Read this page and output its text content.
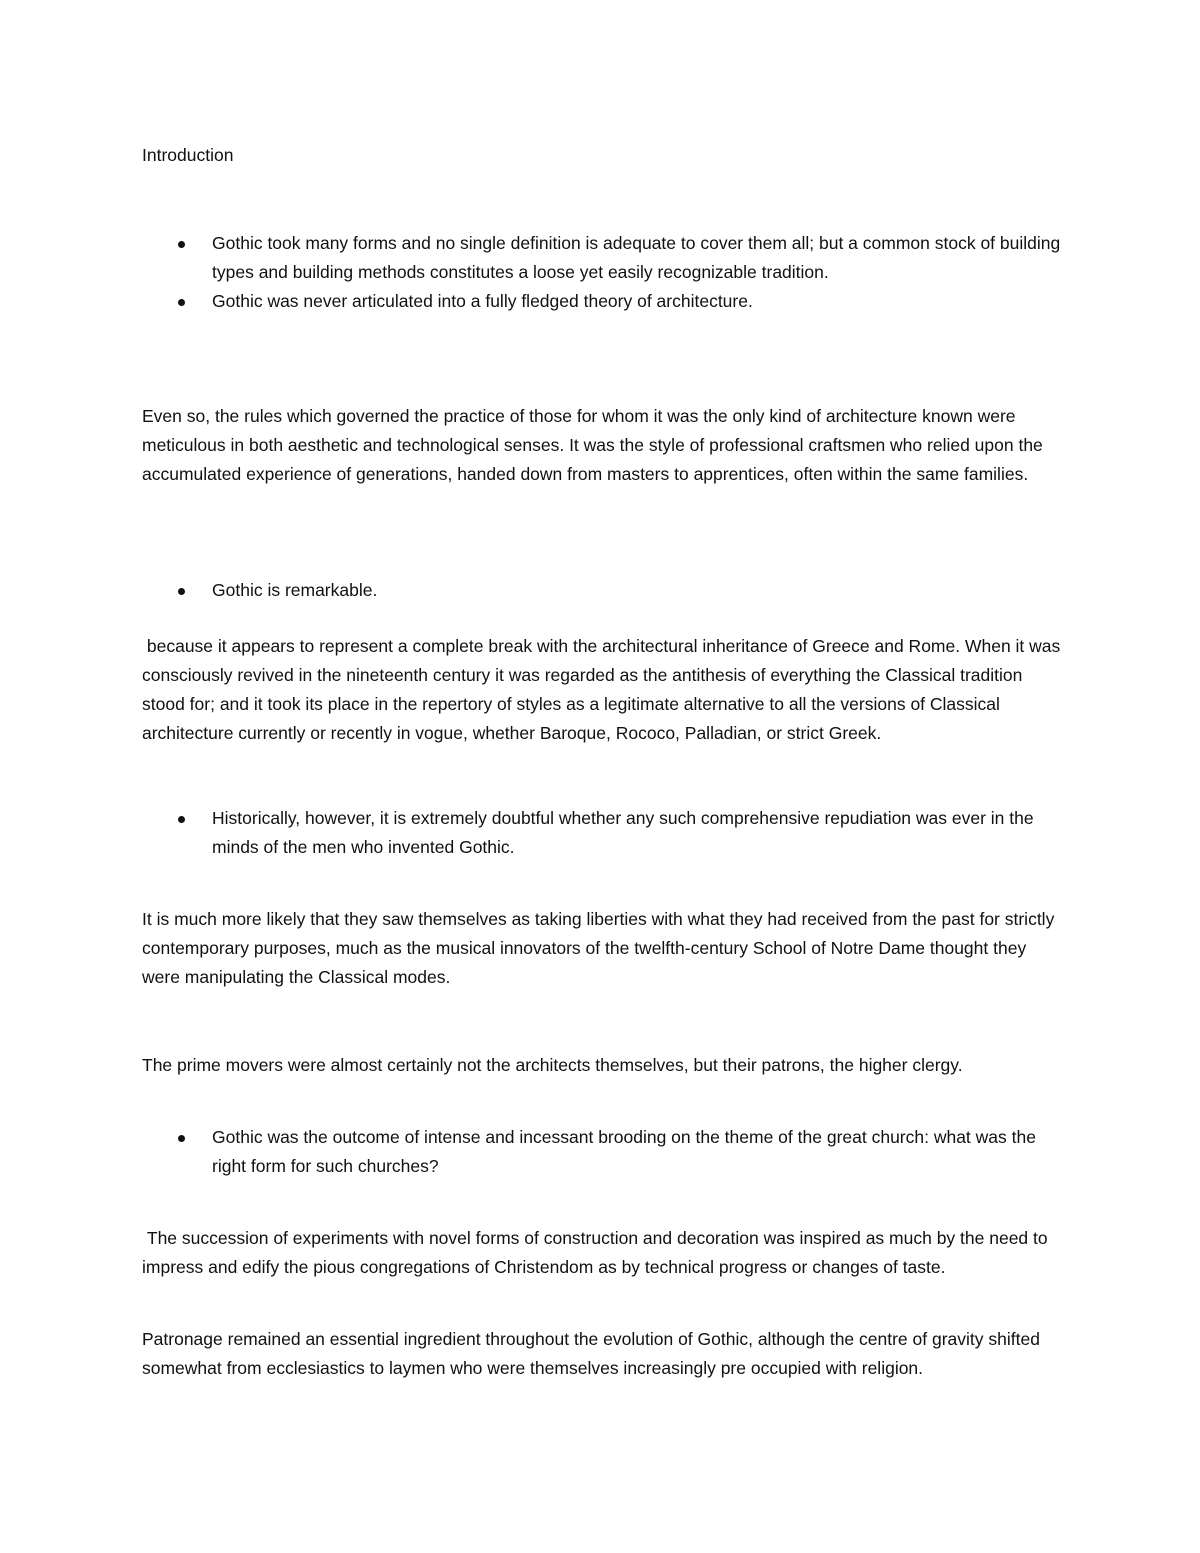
Introduction

Gothic took many forms and no single definition is adequate to cover them all; but a common stock of building types and building methods constitutes a loose yet easily recognizable tradition.
Gothic was never articulated into a fully fledged theory of architecture.

Even so, the rules which governed the practice of those for whom it was the only kind of architecture known were meticulous in both aesthetic and technological senses. It was the style of professional craftsmen who relied upon the accumulated experience of generations, handed down from masters to apprentices, often within the same families.

Gothic is remarkable.

because it appears to represent a complete break with the architectural inheritance of Greece and Rome. When it was consciously revived in the nineteenth century it was regarded as the antithesis of everything the Classical tradition stood for; and it took its place in the repertory of styles as a legitimate alternative to all the versions of Classical architecture currently or recently in vogue, whether Baroque, Rococo, Palladian, or strict Greek.

Historically, however, it is extremely doubtful whether any such comprehensive repudiation was ever in the minds of the men who invented Gothic.

It is much more likely that they saw themselves as taking liberties with what they had received from the past for strictly contemporary purposes, much as the musical innovators of the twelfth-century School of Notre Dame thought they were manipulating the Classical modes.

The prime movers were almost certainly not the architects themselves, but their patrons, the higher clergy.

Gothic was the outcome of intense and incessant brooding on the theme of the great church: what was the right form for such churches?

The succession of experiments with novel forms of construction and decoration was inspired as much by the need to impress and edify the pious congregations of Christendom as by technical progress or changes of taste.

Patronage remained an essential ingredient throughout the evolution of Gothic, although the centre of gravity shifted somewhat from ecclesiastics to laymen who were themselves increasingly pre occupied with religion.
